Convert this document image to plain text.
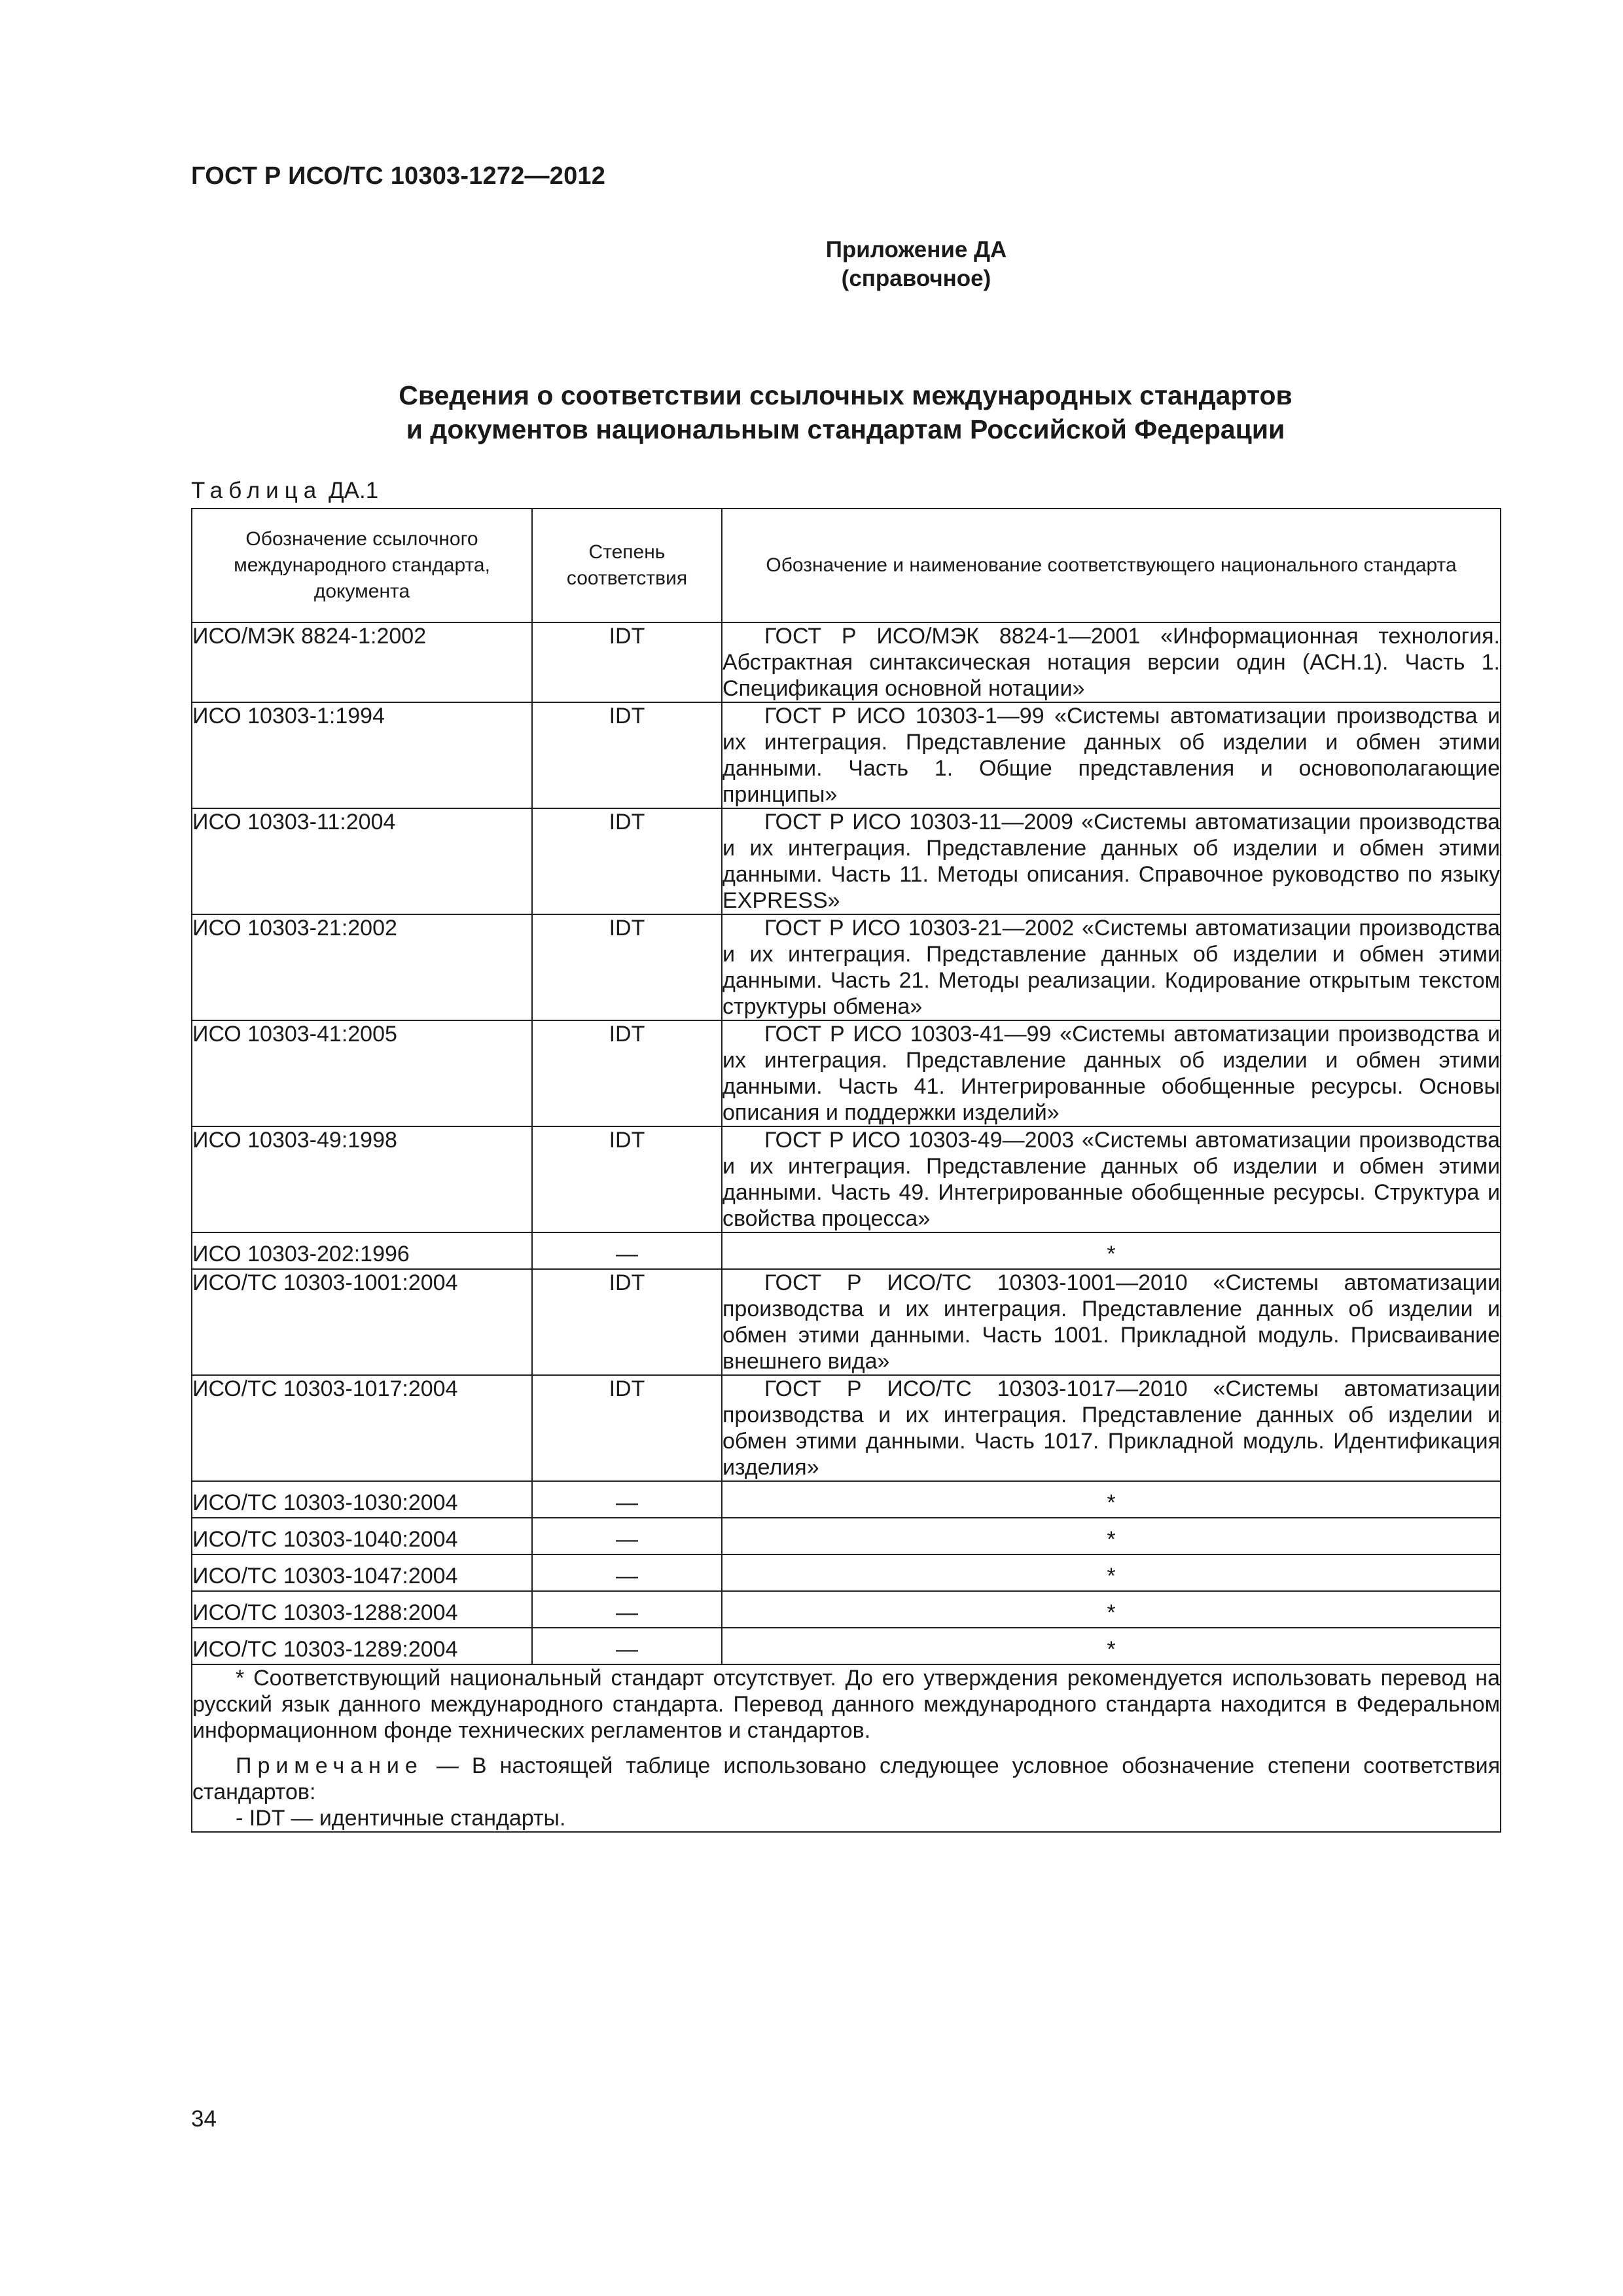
ГОСТ Р ИСО/ТС 10303-1272—2012
Приложение ДА
(справочное)
Сведения о соответствии ссылочных международных стандартов
и документов национальным стандартам Российской Федерации
Таблица ДА.1
Обозначение ссылочного международного стандарта, документа	Степень соответствия	Обозначение и наименование соответствующего национального стандарта
ИСО/МЭК 8824-1:2002	IDT	ГОСТ Р ИСО/МЭК 8824-1—2001 «Информационная технология. Абстрактная синтаксическая нотация версии один (АСН.1). Часть 1. Спецификация основной нотации»

ИСО 10303-1:1994	IDT	ГОСТ Р ИСО 10303-1—99 «Системы автоматизации производства и их интеграция. Представление данных об изделии и обмен этими данными. Часть 1. Общие представления и основополагающие принципы»

ИСО 10303-11:2004	IDT	ГОСТ Р ИСО 10303-11—2009 «Системы автоматизации производства и их интеграция. Представление данных об изделии и обмен этими данными. Часть 11. Методы описания. Справочное руководство по языку EXPRESS»

ИСО 10303-21:2002	IDT	ГОСТ Р ИСО 10303-21—2002 «Системы автоматизации производства и их интеграция. Представление данных об изделии и обмен этими данными. Часть 21. Методы реализации. Кодирование открытым текстом структуры обмена»

ИСО 10303-41:2005	IDT	ГОСТ Р ИСО 10303-41—99 «Системы автоматизации производства и их интеграция. Представление данных об изделии и обмен этими данными. Часть 41. Интегрированные обобщенные ресурсы. Основы описания и поддержки изделий»

ИСО 10303-49:1998	IDT	ГОСТ Р ИСО 10303-49—2003 «Системы автоматизации производства и их интеграция. Представление данных об изделии и обмен этими данными. Часть 49. Интегрированные обобщенные ресурсы. Структура и свойства процесса»

ИСО 10303-202:1996	—	*

ИСО/ТС 10303-1001:2004	IDT	ГОСТ Р ИСО/ТС 10303-1001—2010 «Системы автоматизации производства и их интеграция. Представление данных об изделии и обмен этими данными. Часть 1001. Прикладной модуль. Присваивание внешнего вида»

ИСО/ТС 10303-1017:2004	IDT	ГОСТ Р ИСО/ТС 10303-1017—2010 «Системы автоматизации производства и их интеграция. Представление данных об изделии и обмен этими данными. Часть 1017. Прикладной модуль. Идентификация изделия»

ИСО/ТС 10303-1030:2004	—	*

ИСО/ТС 10303-1040:2004	—	*

ИСО/ТС 10303-1047:2004	—	*

ИСО/ТС 10303-1288:2004	—	*

ИСО/ТС 10303-1289:2004	—	*

* Соответствующий национальный стандарт отсутствует. До его утверждения рекомендуется использовать перевод на русский язык данного международного стандарта. Перевод данного международного стандарта находится в Федеральном информационном фонде технических регламентов и стандартов.

Примечание — В настоящей таблице использовано следующее условное обозначение степени соответствия стандартов:

- IDT — идентичные стандарты.		

34
